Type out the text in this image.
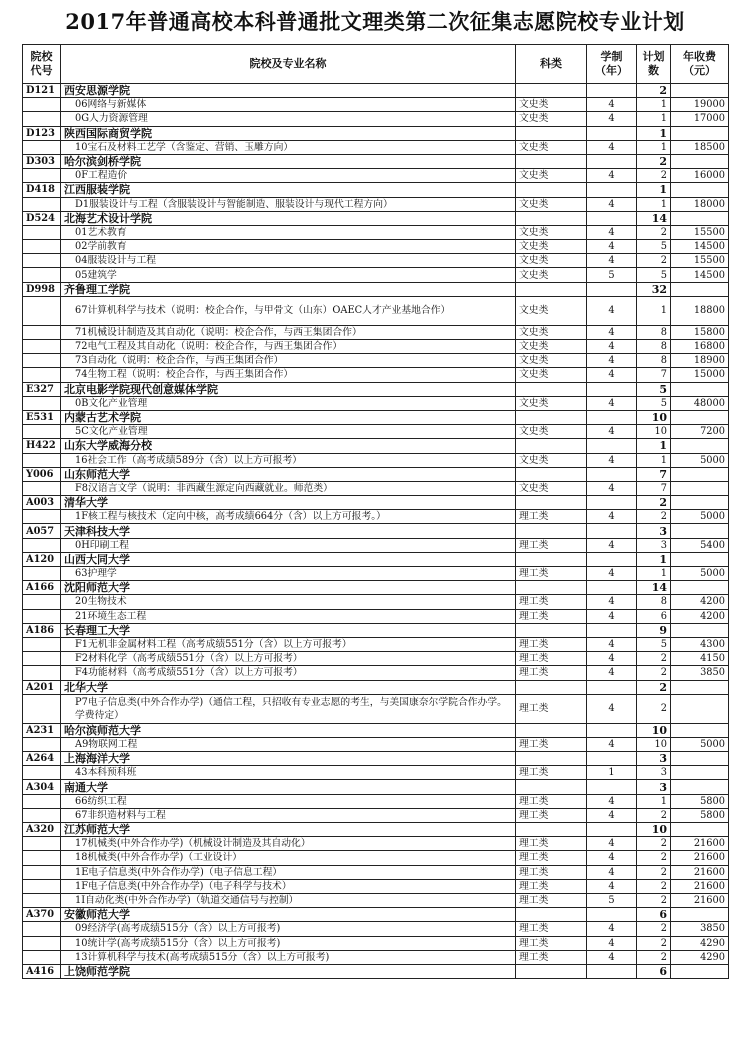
2017年普通高校本科普通批文理类第二次征集志愿院校专业计划
院校代号	院校及专业名称	科类	学制（年）	计划数	年收费（元）
D121	西安思源学院			2	
	06网络与新媒体	文史类	4	1	19000
	0G人力资源管理	文史类	4	1	17000
D123	陕西国际商贸学院			1	
	10宝石及材料工艺学（含鉴定、营销、玉雕方向）	文史类	4	1	18500
D303	哈尔滨剑桥学院			2	
	0F工程造价	文史类	4	2	16000
D418	江西服装学院			1	
	D1服装设计与工程（含服装设计与智能制造、服装设计与现代工程方向）	文史类	4	1	18000
D524	北海艺术设计学院			14	
	01艺术教育	文史类	4	2	15500
	02学前教育	文史类	4	5	14500
	04服装设计与工程	文史类	4	2	15500
	05建筑学	文史类	5	5	14500
D998	齐鲁理工学院			32	
	67计算机科学与技术（说明：校企合作，与甲骨文（山东）OAEC人才产业基地合作）	文史类	4	1	18800
	71机械设计制造及其自动化（说明：校企合作，与西王集团合作）	文史类	4	8	15800
	72电气工程及其自动化（说明：校企合作，与西王集团合作）	文史类	4	8	16800
	73自动化（说明：校企合作，与西王集团合作）	文史类	4	8	18900
	74生物工程（说明：校企合作，与西王集团合作）	文史类	4	7	15000
E327	北京电影学院现代创意媒体学院			5	
	0B文化产业管理	文史类	4	5	48000
E531	内蒙古艺术学院			10	
	5C文化产业管理	文史类	4	10	7200
H422	山东大学威海分校			1	
	16社会工作（高考成绩589分（含）以上方可报考）	文史类	4	1	5000
Y006	山东师范大学			7	
	F8汉语言文学（说明：非西藏生源定向西藏就业。师范类）	文史类	4	7	
A003	清华大学			2	
	1F核工程与核技术（定向中核，高考成绩664分（含）以上方可报考。）	理工类	4	2	5000
A057	天津科技大学			3	
	0H印刷工程	理工类	4	3	5400
A120	山西大同大学			1	
	63护理学	理工类	4	1	5000
A166	沈阳师范大学			14	
	20生物技术	理工类	4	8	4200
	21环境生态工程	理工类	4	6	4200
A186	长春理工大学			9	
	F1无机非金属材料工程（高考成绩551分（含）以上方可报考）	理工类	4	5	4300
	F2材料化学（高考成绩551分（含）以上方可报考）	理工类	4	2	4150
	F4功能材料（高考成绩551分（含）以上方可报考）	理工类	4	2	3850
A201	北华大学			2	
	P7电子信息类(中外合作办学)（通信工程，只招收有专业志愿的考生，与美国康奈尔学院合作办学。学费待定）	理工类	4	2	
A231	哈尔滨师范大学			10	
	A9物联网工程	理工类	4	10	5000
A264	上海海洋大学			3	
	43本科预科班	理工类	1	3	
A304	南通大学			3	
	66纺织工程	理工类	4	1	5800
	67非织造材料与工程	理工类	4	2	5800
A320	江苏师范大学			10	
	17机械类(中外合作办学)（机械设计制造及其自动化）	理工类	4	2	21600
	18机械类(中外合作办学)（工业设计）	理工类	4	2	21600
	1E电子信息类(中外合作办学)（电子信息工程）	理工类	4	2	21600
	1F电子信息类(中外合作办学)（电子科学与技术）	理工类	4	2	21600
	1I自动化类(中外合作办学)（轨道交通信号与控制）	理工类	5	2	21600
A370	安徽师范大学			6	
	09经济学(高考成绩515分（含）以上方可报考)	理工类	4	2	3850
	10统计学(高考成绩515分（含）以上方可报考)	理工类	4	2	4290
	13计算机科学与技术(高考成绩515分（含）以上方可报考)	理工类	4	2	4290
A416	上饶师范学院			6	
